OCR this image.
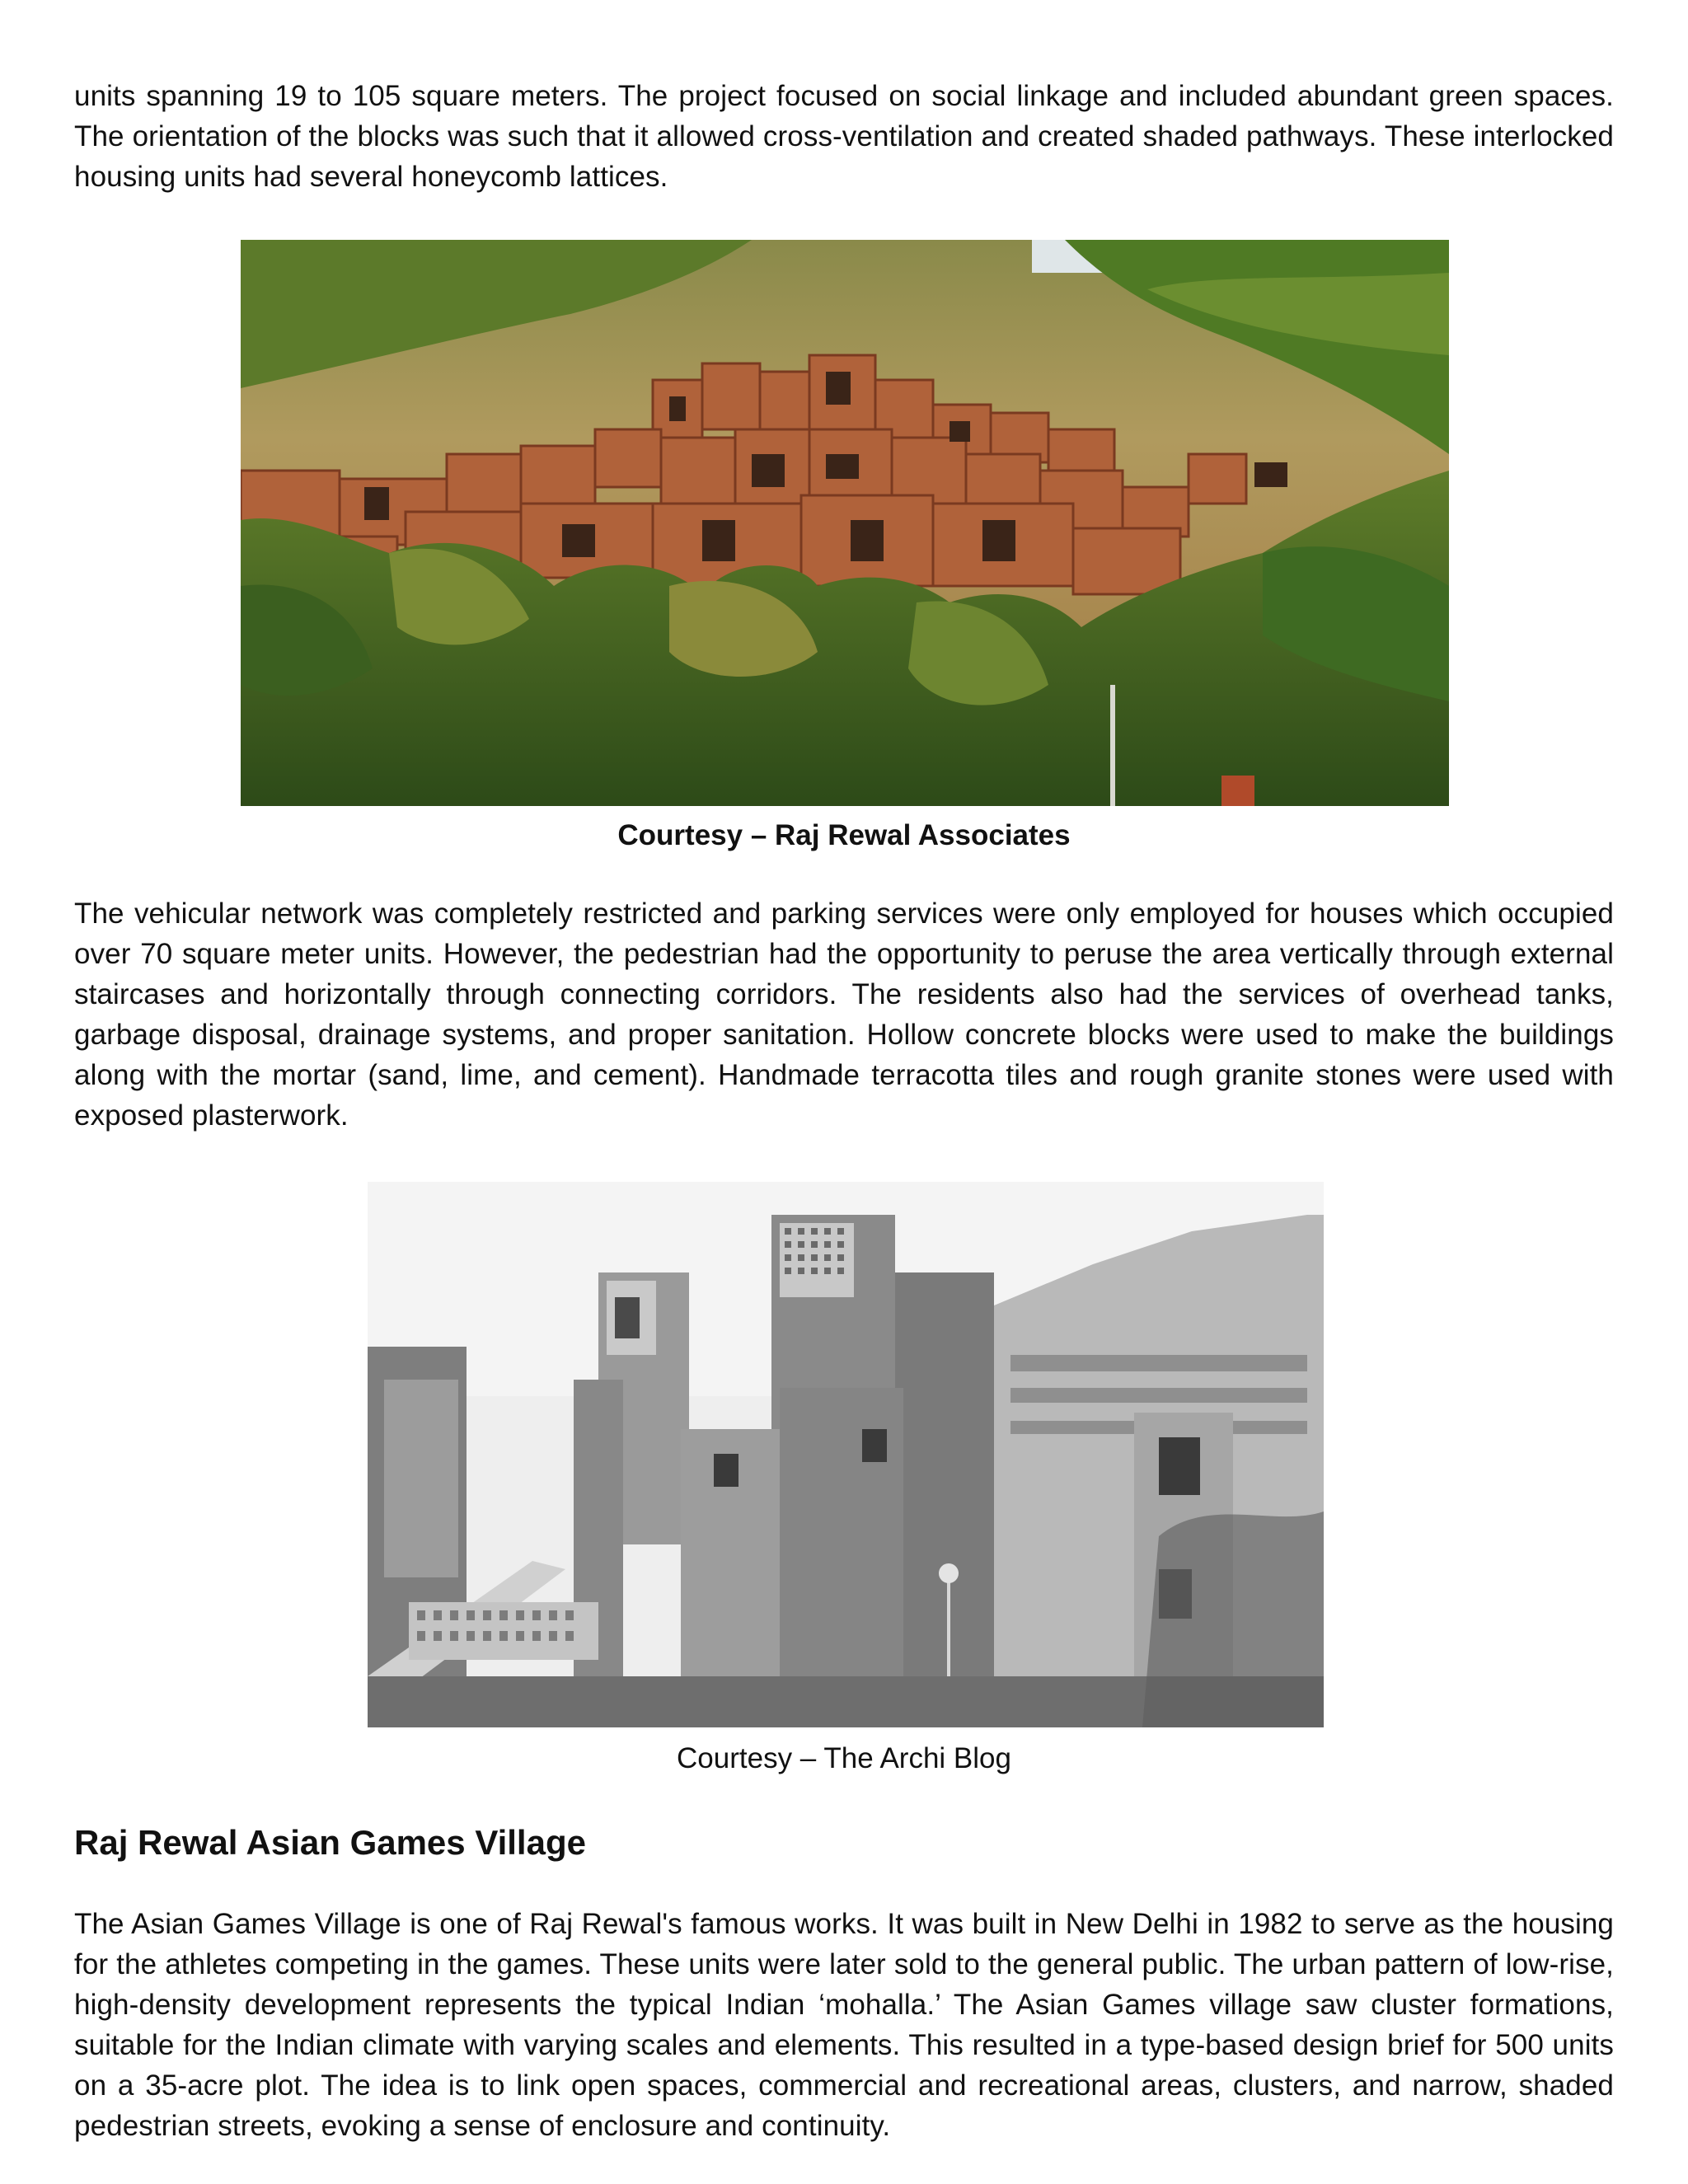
units spanning 19 to 105 square meters. The project focused on social linkage and included abundant green spaces. The orientation of the blocks was such that it allowed cross-ventilation and created shaded pathways. These interlocked housing units had several honeycomb lattices.

Courtesy – Raj Rewal Associates

The vehicular network was completely restricted and parking services were only employed for houses which occupied over 70 square meter units. However, the pedestrian had the opportunity to peruse the area vertically through external staircases and horizontally through connecting corridors. The residents also had the services of overhead tanks, garbage disposal, drainage systems, and proper sanitation. Hollow concrete blocks were used to make the buildings along with the mortar (sand, lime, and cement). Handmade terracotta tiles and rough granite stones were used with exposed plasterwork.

Courtesy – The Archi Blog

Raj Rewal Asian Games Village

The Asian Games Village is one of Raj Rewal's famous works. It was built in New Delhi in 1982 to serve as the housing for the athletes competing in the games. These units were later sold to the general public. The urban pattern of low-rise, high-density development represents the typical Indian ‘mohalla.’ The Asian Games village saw cluster formations, suitable for the Indian climate with varying scales and elements. This resulted in a type-based design brief for 500 units on a 35-acre plot. The idea is to link open spaces, commercial and recreational areas, clusters, and narrow, shaded pedestrian streets, evoking a sense of enclosure and continuity.
